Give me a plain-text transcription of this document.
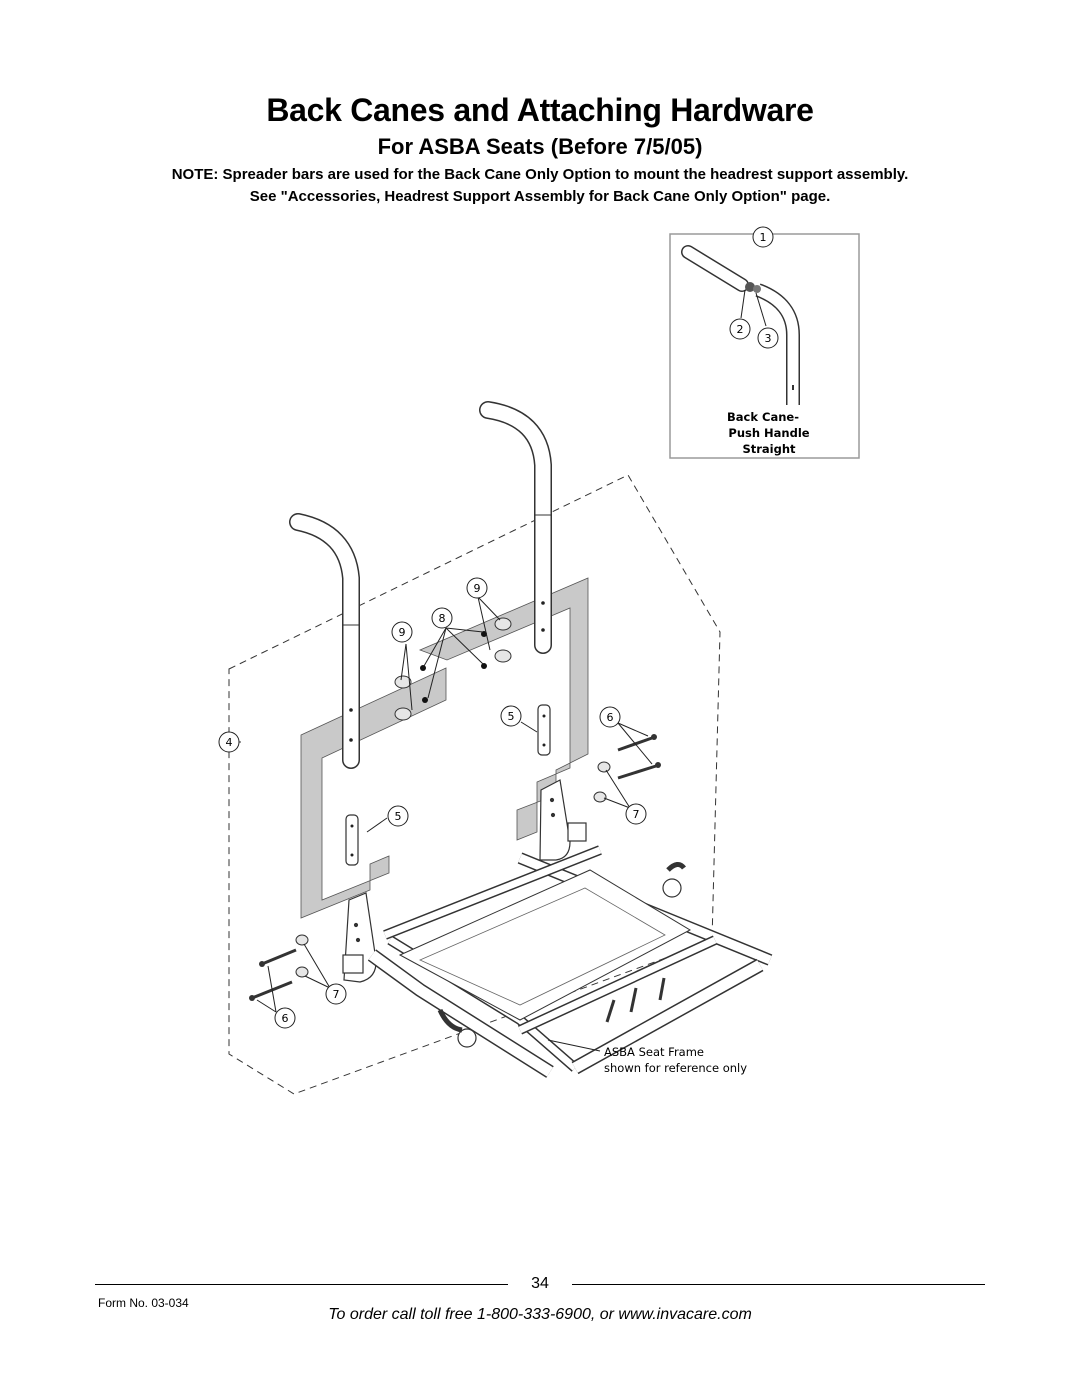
Back Canes and Attaching Hardware
For ASBA Seats (Before 7/5/05)
NOTE: Spreader bars are used for the Back Cane Only Option to mount the headrest support assembly.
See "Accessories, Headrest Support Assembly for Back Cane Only Option" page.
1
2
3
Back Cane-
Push Handle
Straight
4
9
8
9
5
5	6
7
7
6
ASBA Seat Frame
shown for reference only
34
Form No. 03-034
To order call toll free 1-800-333-6900, or www.invacare.com
